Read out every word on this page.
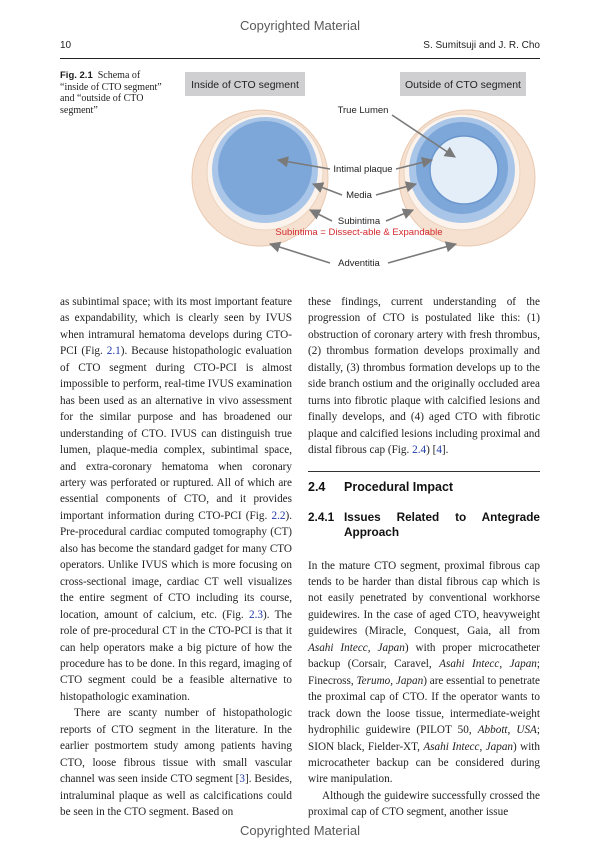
Copyrighted Material
10	S. Sumitsuji and J. R. Cho
Fig. 2.1 Schema of “inside of CTO segment” and “outside of CTO segment”
Inside of CTO segment	Outside of CTO segment
True Lumen
Intimal plaque
Media
Subintima
Subintima = Dissect-able & Expandable
Adventitia

as subintimal space; with its most important feature as expandability, which is clearly seen by IVUS when intramural hematoma develops during CTO-PCI (Fig. 2.1). Because histopathologic evaluation of CTO segment during CTO-PCI is almost impossible to perform, real-time IVUS examination has been used as an alternative in vivo assessment for the similar purpose and has broadened our understanding of CTO. IVUS can distinguish true lumen, plaque-media complex, subintimal space, and extra-coronary hematoma when coronary artery was perforated or ruptured. All of which are essential components of CTO, and it provides important information during CTO-PCI (Fig. 2.2). Pre-procedural cardiac computed tomography (CT) also has become the standard gadget for many CTO operators. Unlike IVUS which is more focusing on cross-sectional image, cardiac CT well visualizes the entire segment of CTO including its course, location, amount of calcium, etc. (Fig. 2.3). The role of pre-procedural CT in the CTO-PCI is that it can help operators make a big picture of how the procedure has to be done. In this regard, imaging of CTO segment could be a feasible alternative to histopathologic examination.

There are scanty number of histopathologic reports of CTO segment in the literature. In the earlier postmortem study among patients having CTO, loose fibrous tissue with small vascular channel was seen inside CTO segment [3]. Besides, intraluminal plaque as well as calcifications could be seen in the CTO segment. Based on

these findings, current understanding of the progression of CTO is postulated like this: (1) obstruction of coronary artery with fresh thrombus, (2) thrombus formation develops proximally and distally, (3) thrombus formation develops up to the side branch ostium and the originally occluded area turns into fibrotic plaque with calcified lesions and finally develops, and (4) aged CTO with fibrotic plaque and calcified lesions including proximal and distal fibrous cap (Fig. 2.4) [4].

2.4	Procedural Impact
2.4.1 Issues Related to Antegrade Approach

In the mature CTO segment, proximal fibrous cap tends to be harder than distal fibrous cap which is not easily penetrated by conventional workhorse guidewires. In the case of aged CTO, heavyweight guidewires (Miracle, Conquest, Gaia, all from Asahi Intecc, Japan) with proper microcatheter backup (Corsair, Caravel, Asahi Intecc, Japan; Finecross, Terumo, Japan) are essential to penetrate the proximal cap of CTO. If the operator wants to track down the loose tissue, intermediate-weight hydrophilic guidewire (PILOT 50, Abbott, USA; SION black, Fielder-XT, Asahi Intecc, Japan) with microcatheter backup can be considered during wire manipulation.

Although the guidewire successfully crossed the proximal cap of CTO segment, another issue

Copyrighted Material
